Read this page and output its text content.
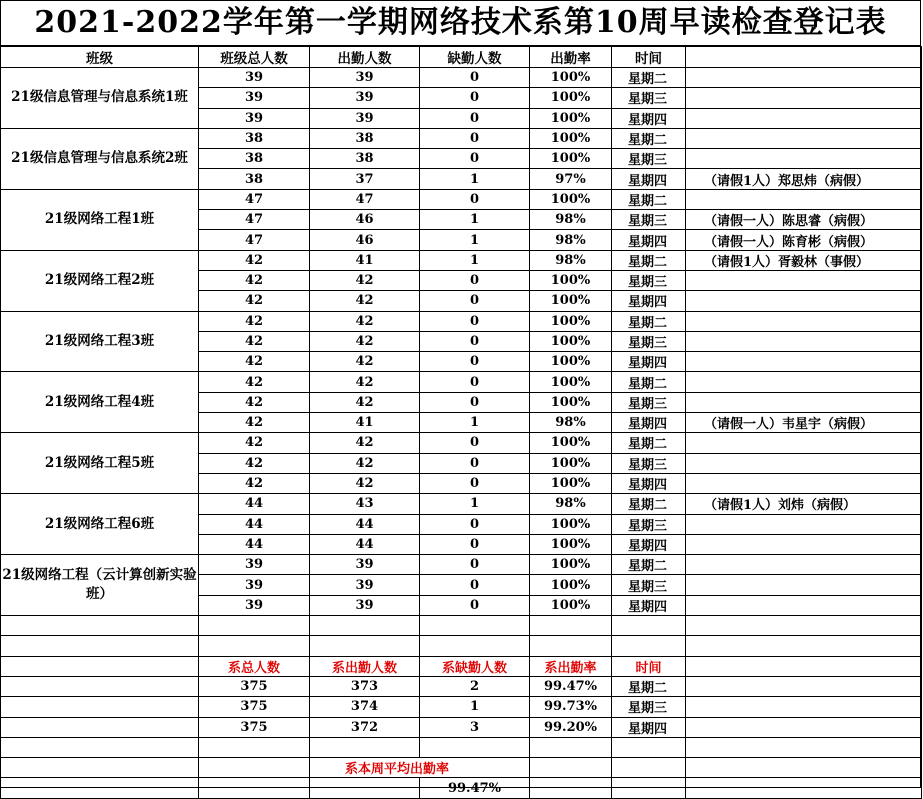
2021-2022学年第一学期网络技术系第10周早读检查登记表
班级	班级总人数	出勤人数	缺勤人数	出勤率	时间	
21级信息管理与信息系统1班	39	39	0	100%	星期二	
	39	39	0	100%	星期三	
	39	39	0	100%	星期四	
21级信息管理与信息系统2班	38	38	0	100%	星期二	
	38	38	0	100%	星期三	
	38	37	1	97%	星期四	（请假1人）郑思炜（病假）
21级网络工程1班	47	47	0	100%	星期二	
	47	46	1	98%	星期三	（请假一人）陈思睿（病假）
	47	46	1	98%	星期四	（请假一人）陈育彬（病假）
21级网络工程2班	42	41	1	98%	星期二	（请假1人）胥毅林（事假）
	42	42	0	100%	星期三	
	42	42	0	100%	星期四	
21级网络工程3班	42	42	0	100%	星期二	
	42	42	0	100%	星期三	
	42	42	0	100%	星期四	
21级网络工程4班	42	42	0	100%	星期二	
	42	42	0	100%	星期三	
	42	41	1	98%	星期四	（请假一人）韦星宇（病假）
21级网络工程5班	42	42	0	100%	星期二	
	42	42	0	100%	星期三	
	42	42	0	100%	星期四	
21级网络工程6班	44	43	1	98%	星期二	（请假1人）刘炜（病假）
	44	44	0	100%	星期三	
	44	44	0	100%	星期四	
21级网络工程（云计算创新实验班）	39	39	0	100%	星期二	
	39	39	0	100%	星期三	
	39	39	0	100%	星期四	

	系总人数	系出勤人数	系缺勤人数	系出勤率	时间	
	375	373	2	99.47%	星期二	
	375	374	1	99.73%	星期三	
	375	372	3	99.20%	星期四	

		系本周平均出勤率				
			99.47%			
